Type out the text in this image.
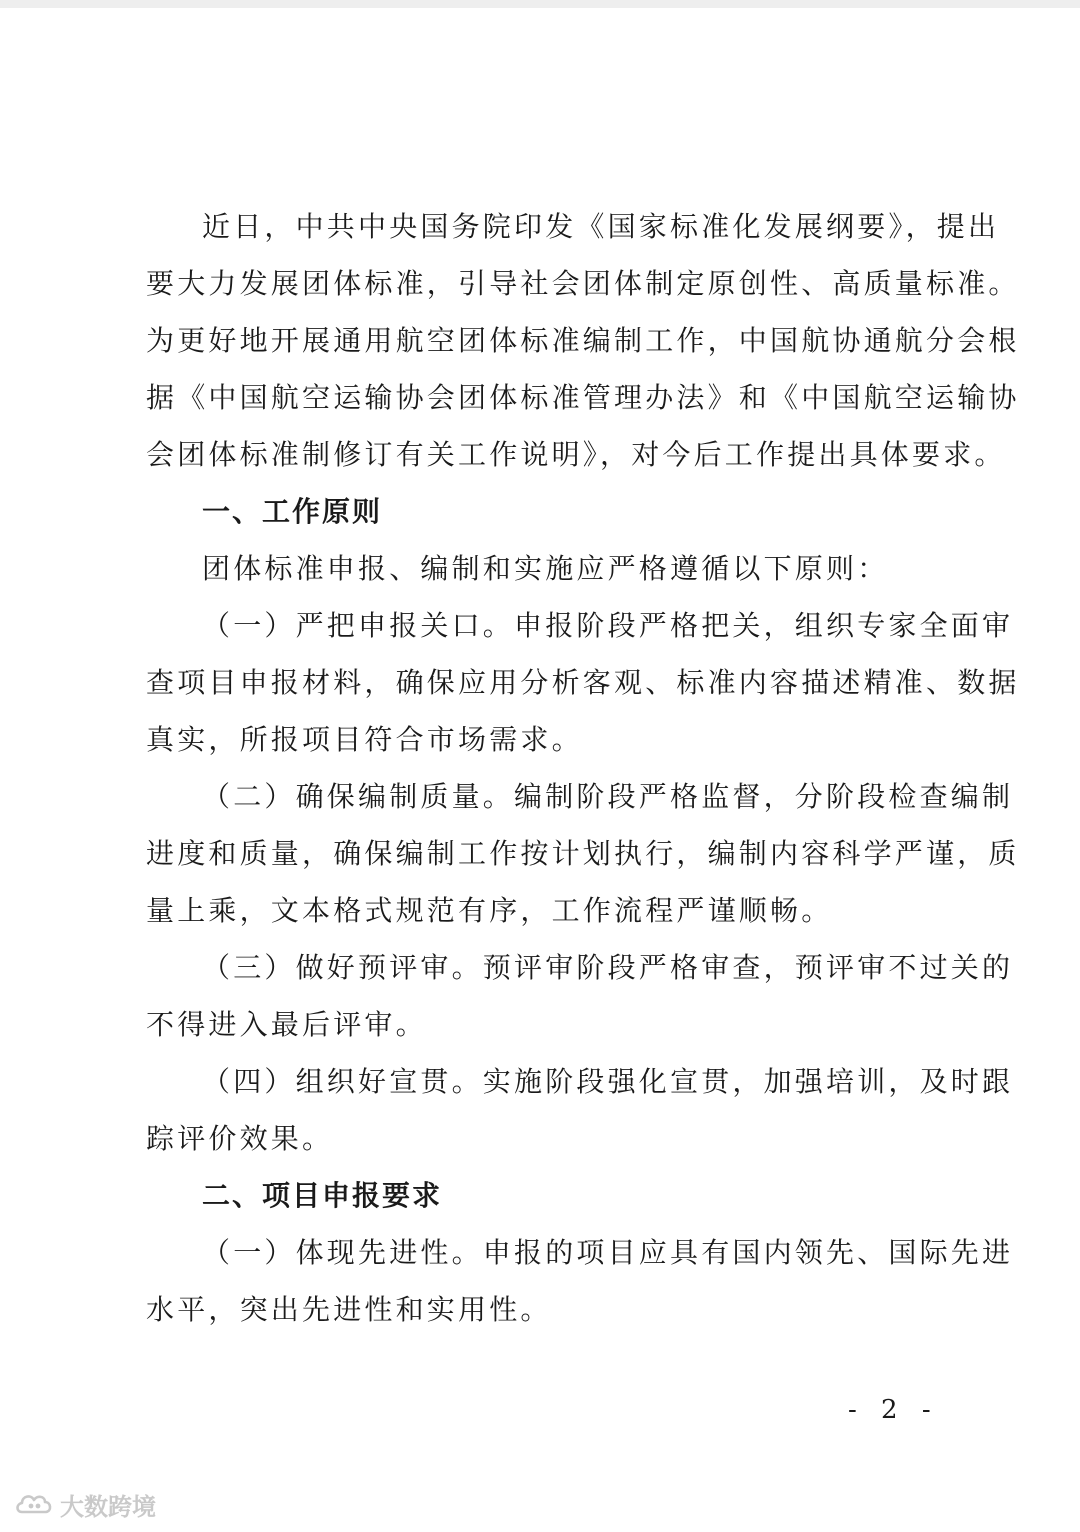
近日，中共中央国务院印发《国家标准化发展纲要》，提出
要大力发展团体标准，引导社会团体制定原创性、高质量标准。
为更好地开展通用航空团体标准编制工作，中国航协通航分会根
据《中国航空运输协会团体标准管理办法》和《中国航空运输协
会团体标准制修订有关工作说明》，对今后工作提出具体要求。
一、工作原则
团体标准申报、编制和实施应严格遵循以下原则：
（一）严把申报关口。申报阶段严格把关，组织专家全面审
查项目申报材料，确保应用分析客观、标准内容描述精准、数据
真实，所报项目符合市场需求。
（二）确保编制质量。编制阶段严格监督，分阶段检查编制
进度和质量，确保编制工作按计划执行，编制内容科学严谨，质
量上乘，文本格式规范有序，工作流程严谨顺畅。
（三）做好预评审。预评审阶段严格审查，预评审不过关的
不得进入最后评审。
（四）组织好宣贯。实施阶段强化宣贯，加强培训，及时跟
踪评价效果。
二、项目申报要求
（一）体现先进性。申报的项目应具有国内领先、国际先进
水平，突出先进性和实用性。
- 2 -
大数跨境
